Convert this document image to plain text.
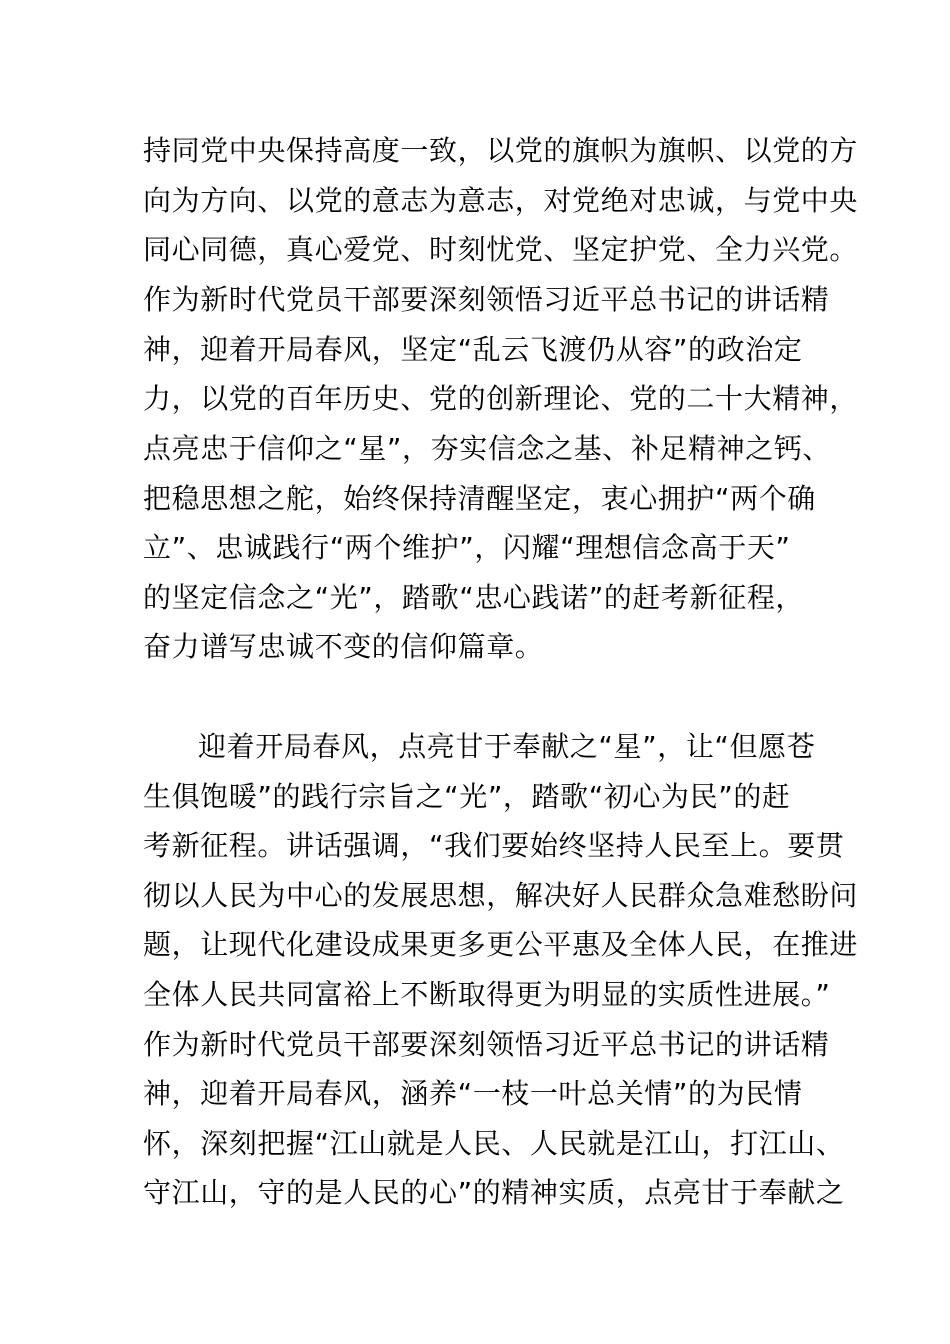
持同党中央保持高度一致，以党的旗帜为旗帜、以党的方
向为方向、以党的意志为意志，对党绝对忠诚，与党中央
同心同德，真心爱党、时刻忧党、坚定护党、全力兴党。
作为新时代党员干部要深刻领悟习近平总书记的讲话精
神，迎着开局春风，坚定“乱云飞渡仍从容”的政治定
力，以党的百年历史、党的创新理论、党的二十大精神，
点亮忠于信仰之“星”，夯实信念之基、补足精神之钙、
把稳思想之舵，始终保持清醒坚定，衷心拥护“两个确
立”、忠诚践行“两个维护”，闪耀“理想信念高于天”
的坚定信念之“光”，踏歌“忠心践诺”的赶考新征程，
奋力谱写忠诚不变的信仰篇章。
迎着开局春风，点亮甘于奉献之“星”，让“但愿苍
生俱饱暖”的践行宗旨之“光”，踏歌“初心为民”的赶
考新征程。讲话强调，“我们要始终坚持人民至上。要贯
彻以人民为中心的发展思想，解决好人民群众急难愁盼问
题，让现代化建设成果更多更公平惠及全体人民，在推进
全体人民共同富裕上不断取得更为明显的实质性进展。”
作为新时代党员干部要深刻领悟习近平总书记的讲话精
神，迎着开局春风，涵养“一枝一叶总关情”的为民情
怀，深刻把握“江山就是人民、人民就是江山，打江山、
守江山，守的是人民的心”的精神实质，点亮甘于奉献之
